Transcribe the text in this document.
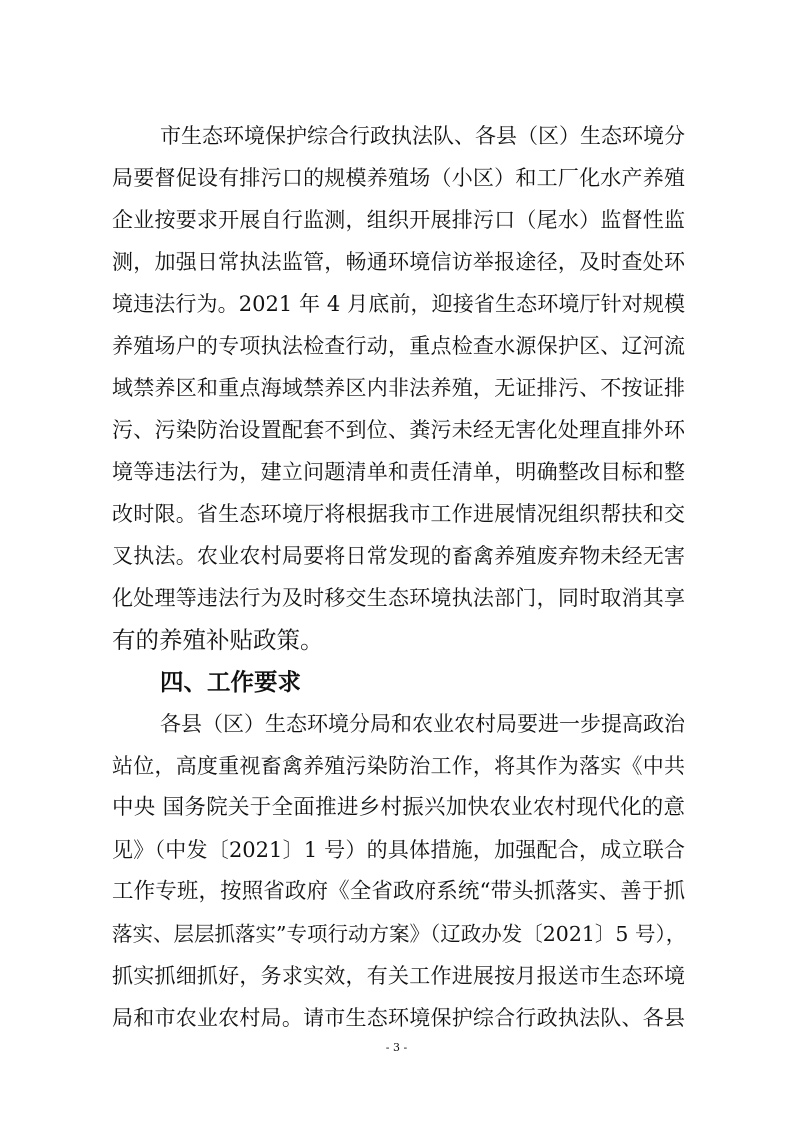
市生态环境保护综合行政执法队、各县（区）生态环境分
局要督促设有排污口的规模养殖场（小区）和工厂化水产养殖
企业按要求开展自行监测，组织开展排污口（尾水）监督性监
测，加强日常执法监管，畅通环境信访举报途径，及时查处环
境违法行为。2021 年 4 月底前，迎接省生态环境厅针对规模
养殖场户的专项执法检查行动，重点检查水源保护区、辽河流
域禁养区和重点海域禁养区内非法养殖，无证排污、不按证排
污、污染防治设置配套不到位、粪污未经无害化处理直排外环
境等违法行为，建立问题清单和责任清单，明确整改目标和整
改时限。省生态环境厅将根据我市工作进展情况组织帮扶和交
叉执法。农业农村局要将日常发现的畜禽养殖废弃物未经无害
化处理等违法行为及时移交生态环境执法部门，同时取消其享
有的养殖补贴政策。
四、工作要求
各县（区）生态环境分局和农业农村局要进一步提高政治
站位，高度重视畜禽养殖污染防治工作，将其作为落实《中共
中央 国务院关于全面推进乡村振兴加快农业农村现代化的意
见》（中发〔2021〕1 号）的具体措施，加强配合，成立联合
工作专班，按照省政府《全省政府系统“带头抓落实、善于抓
落实、层层抓落实”专项行动方案》（辽政办发〔2021〕5 号），
抓实抓细抓好，务求实效，有关工作进展按月报送市生态环境
局和市农业农村局。请市生态环境保护综合行政执法队、各县
- 3 -
